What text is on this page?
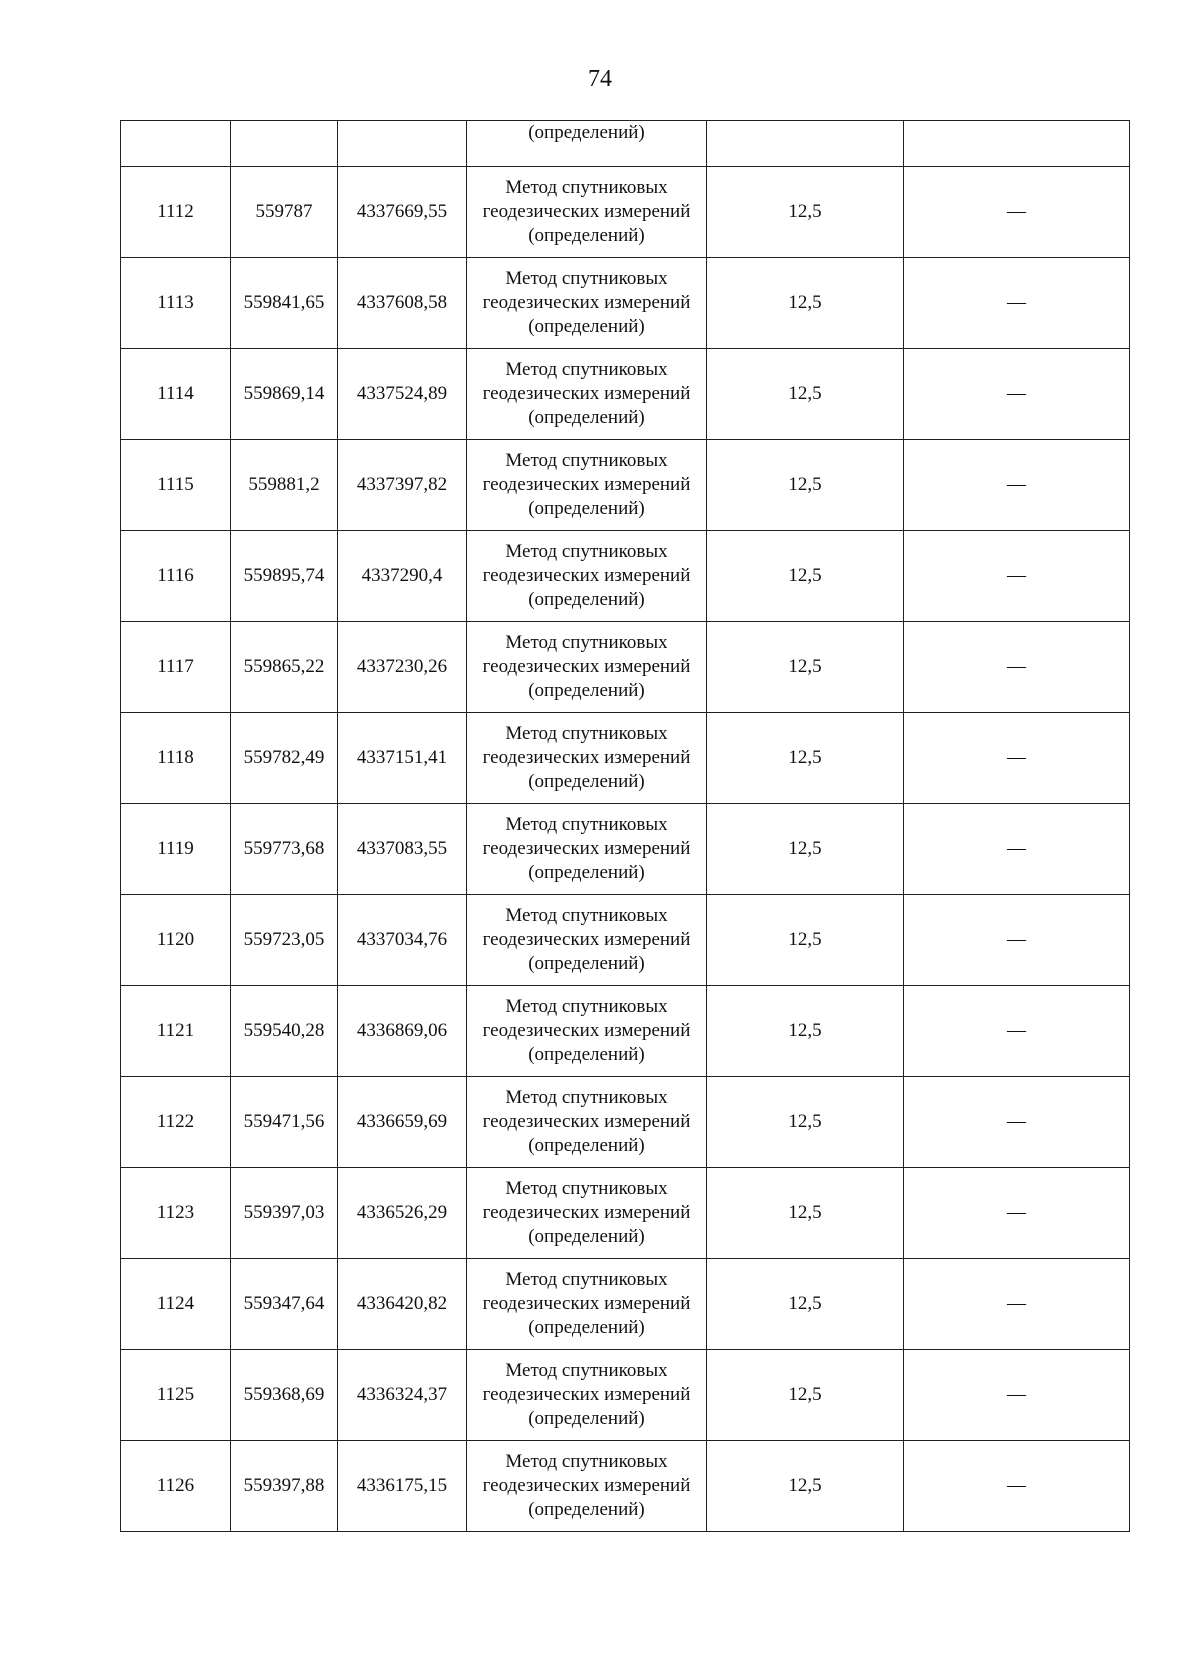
74
			(определений)		
1112	559787	4337669,55	Метод спутниковых
геодезических измерений
(определений)	12,5	—
1113	559841,65	4337608,58	Метод спутниковых
геодезических измерений
(определений)	12,5	—
1114	559869,14	4337524,89	Метод спутниковых
геодезических измерений
(определений)	12,5	—
1115	559881,2	4337397,82	Метод спутниковых
геодезических измерений
(определений)	12,5	—
1116	559895,74	4337290,4	Метод спутниковых
геодезических измерений
(определений)	12,5	—
1117	559865,22	4337230,26	Метод спутниковых
геодезических измерений
(определений)	12,5	—
1118	559782,49	4337151,41	Метод спутниковых
геодезических измерений
(определений)	12,5	—
1119	559773,68	4337083,55	Метод спутниковых
геодезических измерений
(определений)	12,5	—
1120	559723,05	4337034,76	Метод спутниковых
геодезических измерений
(определений)	12,5	—
1121	559540,28	4336869,06	Метод спутниковых
геодезических измерений
(определений)	12,5	—
1122	559471,56	4336659,69	Метод спутниковых
геодезических измерений
(определений)	12,5	—
1123	559397,03	4336526,29	Метод спутниковых
геодезических измерений
(определений)	12,5	—
1124	559347,64	4336420,82	Метод спутниковых
геодезических измерений
(определений)	12,5	—
1125	559368,69	4336324,37	Метод спутниковых
геодезических измерений
(определений)	12,5	—
1126	559397,88	4336175,15	Метод спутниковых
геодезических измерений
(определений)	12,5	—
